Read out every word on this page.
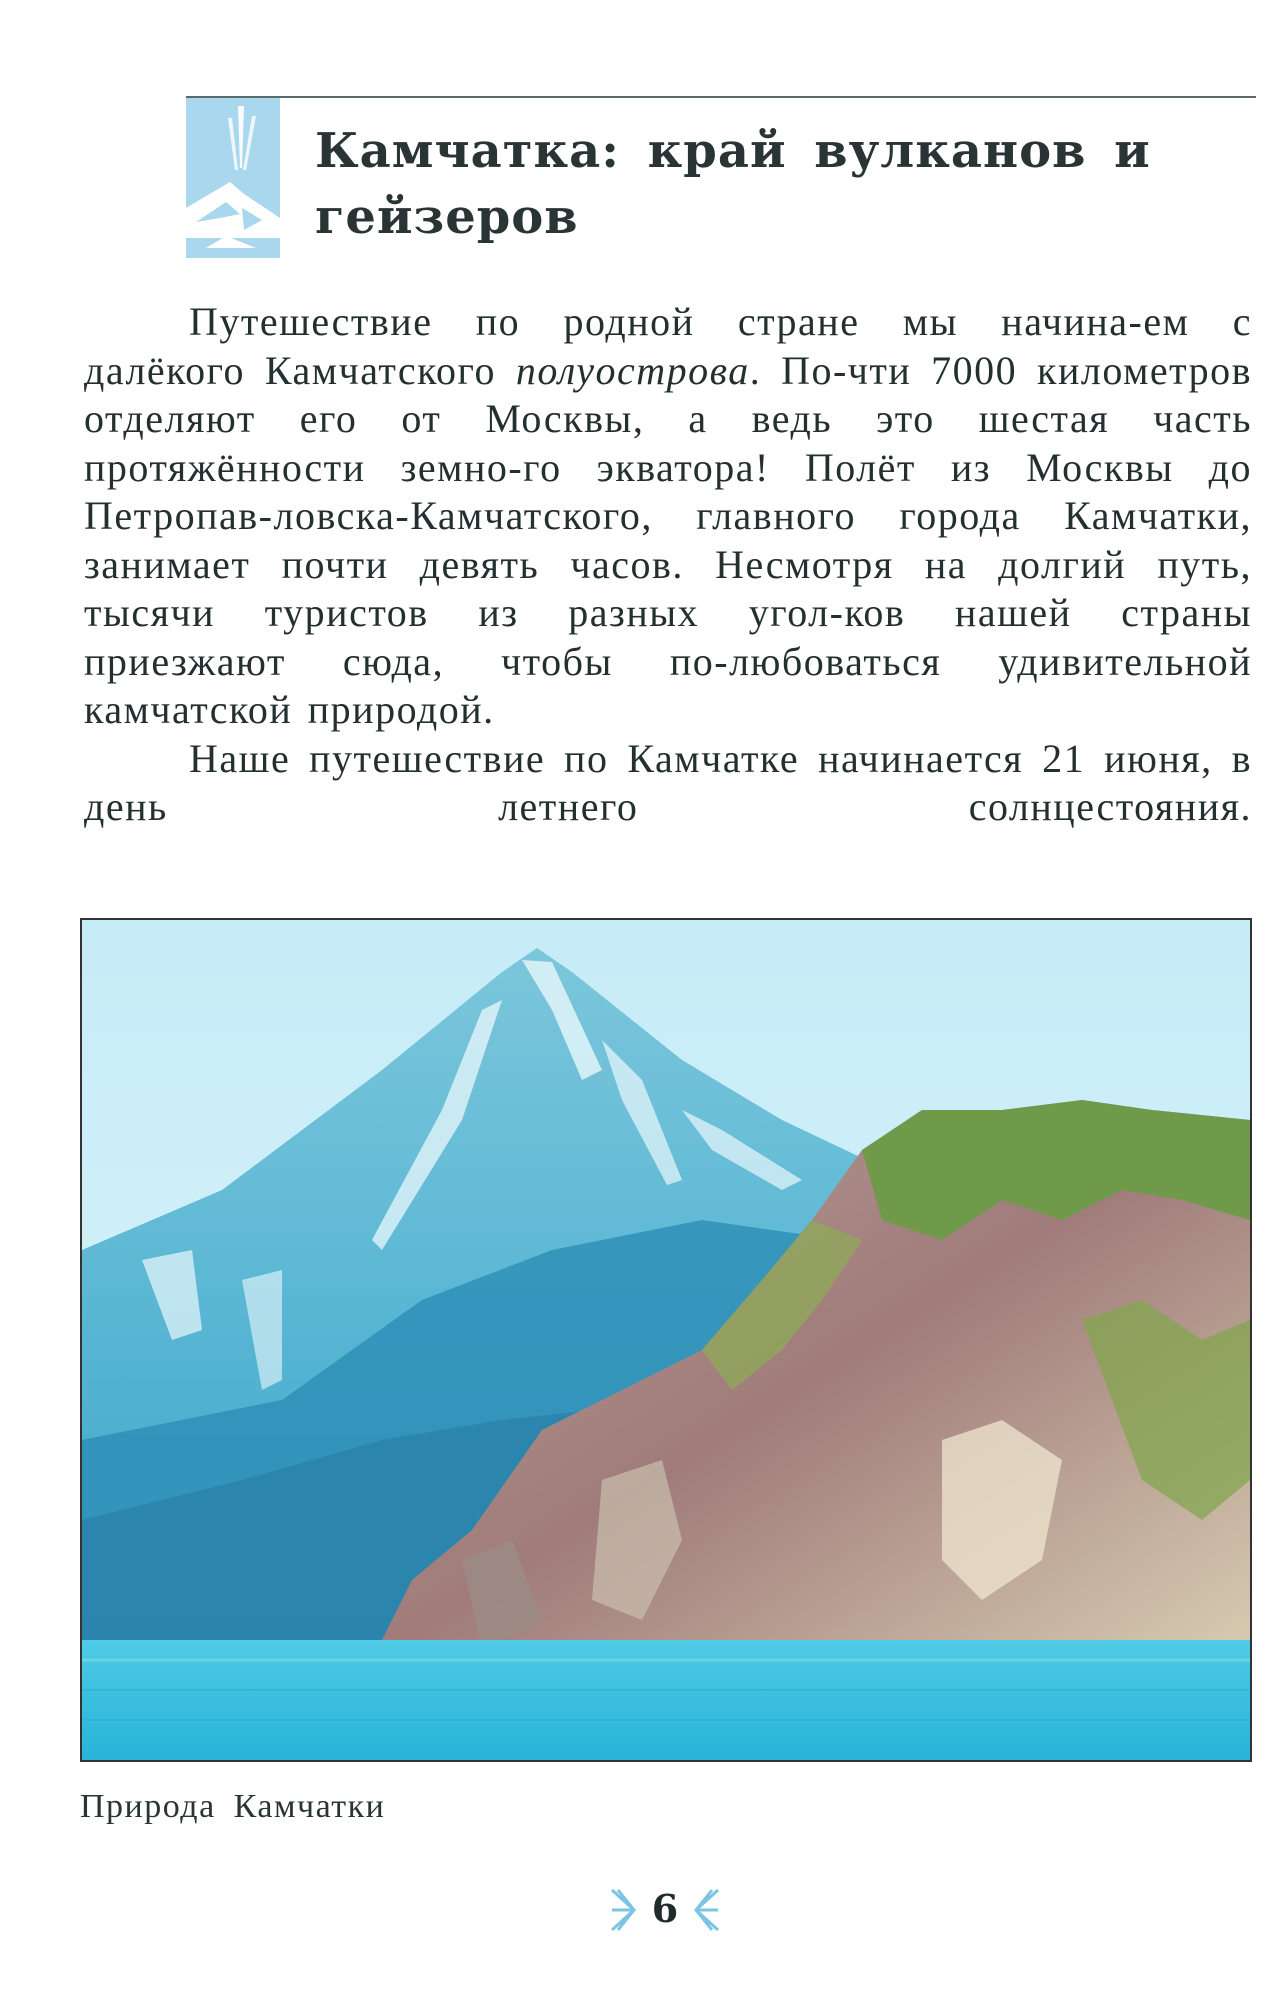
Камчатка: край вулканов и гейзеров

Путешествие по родной стране мы начина-ем с далёкого Камчатского полуострова. По-чти 7000 километров отделяют его от Москвы, а ведь это шестая часть протяжённости земно-го экватора! Полёт из Москвы до Петропав-ловска-Камчатского, главного города Камчатки, занимает почти девять часов. Несмотря на долгий путь, тысячи туристов из разных угол-ков нашей страны приезжают сюда, чтобы по-любоваться удивительной камчатской природой.

Наше путешествие по Камчатке начинается 21 июня, в день летнего солнцестояния.

Природа Камчатки
6
